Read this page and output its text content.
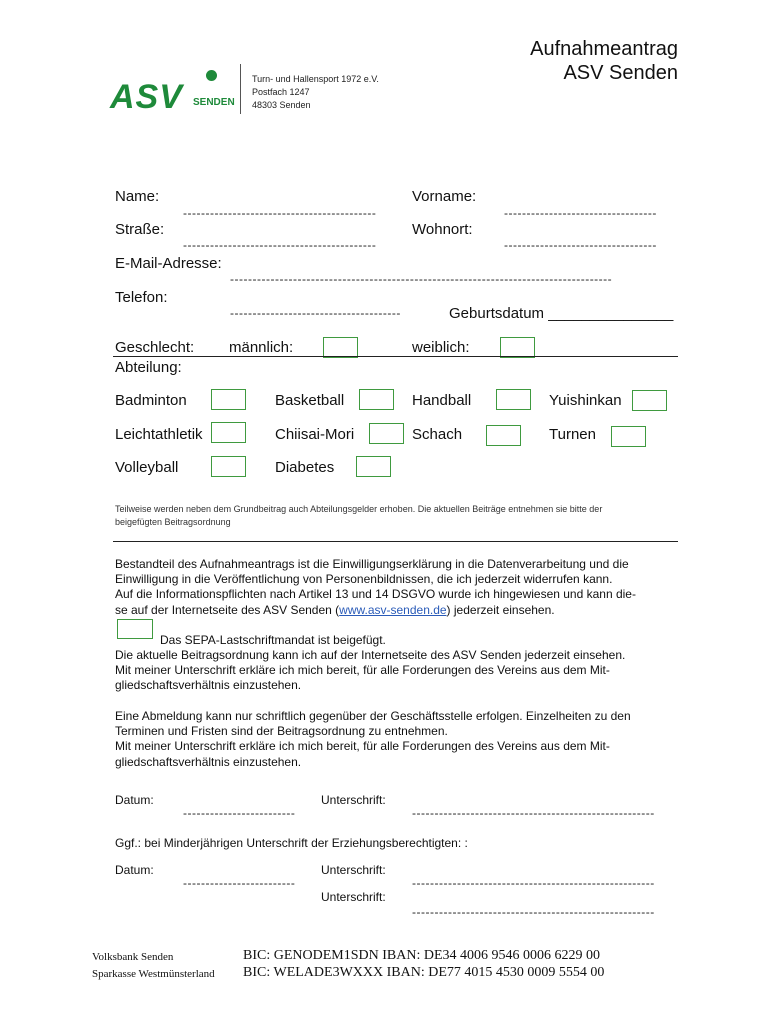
ASV SENDEN
Turn- und Hallensport 1972 e.V.
Postfach 1247
48303 Senden
Aufnahmeantrag
ASV Senden
Name:
-------------------------------------------
Vorname:
----------------------------------
Straße:
-------------------------------------------
Wohnort:
----------------------------------
E-Mail-Adresse:
-------------------------------------------------------------------------------------
Telefon:
--------------------------------------	Geburtsdatum _______________
Geschlecht: männlich:	weiblich:
Abteilung:
Badminton	Basketball	Handball	Yuishinkan
Leichtathletik	Chiisai-Mori	Schach	Turnen
Volleyball	Diabetes
Teilweise werden neben dem Grundbeitrag auch Abteilungsgelder erhoben. Die aktuellen Beiträge entnehmen sie bitte der
beigefügten Beitragsordnung
Bestandteil des Aufnahmeantrags ist die Einwilligungserklärung in die Datenverarbeitung und die
Einwilligung in die Veröffentlichung von Personenbildnissen, die ich jederzeit widerrufen kann.
Auf die Informationspflichten nach Artikel 13 und 14 DSGVO wurde ich hingewiesen und kann die-
se auf der Internetseite des ASV Senden (www.asv-senden.de) jederzeit einsehen.
Das SEPA-Lastschriftmandat ist beigefügt.
Die aktuelle Beitragsordnung kann ich auf der Internetseite des ASV Senden jederzeit einsehen.
Mit meiner Unterschrift erkläre ich mich bereit, für alle Forderungen des Vereins aus dem Mit-
gliedschaftsverhältnis einzustehen.
Eine Abmeldung kann nur schriftlich gegenüber der Geschäftsstelle erfolgen. Einzelheiten zu den
Terminen und Fristen sind der Beitragsordnung zu entnehmen.
Mit meiner Unterschrift erkläre ich mich bereit, für alle Forderungen des Vereins aus dem Mit-
gliedschaftsverhältnis einzustehen.
Datum:
-------------------------
Unterschrift:
------------------------------------------------------
Ggf.: bei Minderjährigen Unterschrift der Erziehungsberechtigten: :
Datum:
-------------------------
Unterschrift:
------------------------------------------------------
Unterschrift:
------------------------------------------------------
Volksbank Senden	BIC: GENODEM1SDN IBAN: DE34 4006 9546 0006 6229 00
Sparkasse Westmünsterland BIC: WELADE3WXXX IBAN: DE77 4015 4530 0009 5554 00
